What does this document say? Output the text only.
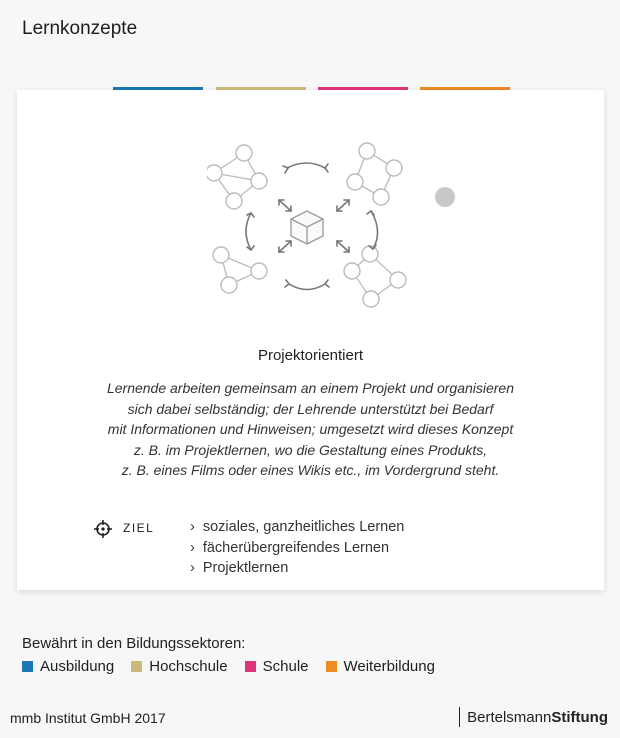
Lernkonzepte
Projektorientiert
Lernende arbeiten gemeinsam an einem Projekt und organisieren
sich dabei selbständig; der Lehrende unterstützt bei Bedarf
mit Informationen und Hinweisen; umgesetzt wird dieses Konzept
z. B. im Projektlernen, wo die Gestaltung eines Produkts,
z. B. eines Films oder eines Wikis etc., im Vordergrund steht.
ZIEL
›	soziales, ganzheitliches Lernen
› fächerübergreifendes Lernen
› Projektlernen
Bewährt in den Bildungssektoren:
Ausbildung Hochschule Schule Weiterbildung
mmb Institut GmbH 2017	Bertelsmann Stiftung
